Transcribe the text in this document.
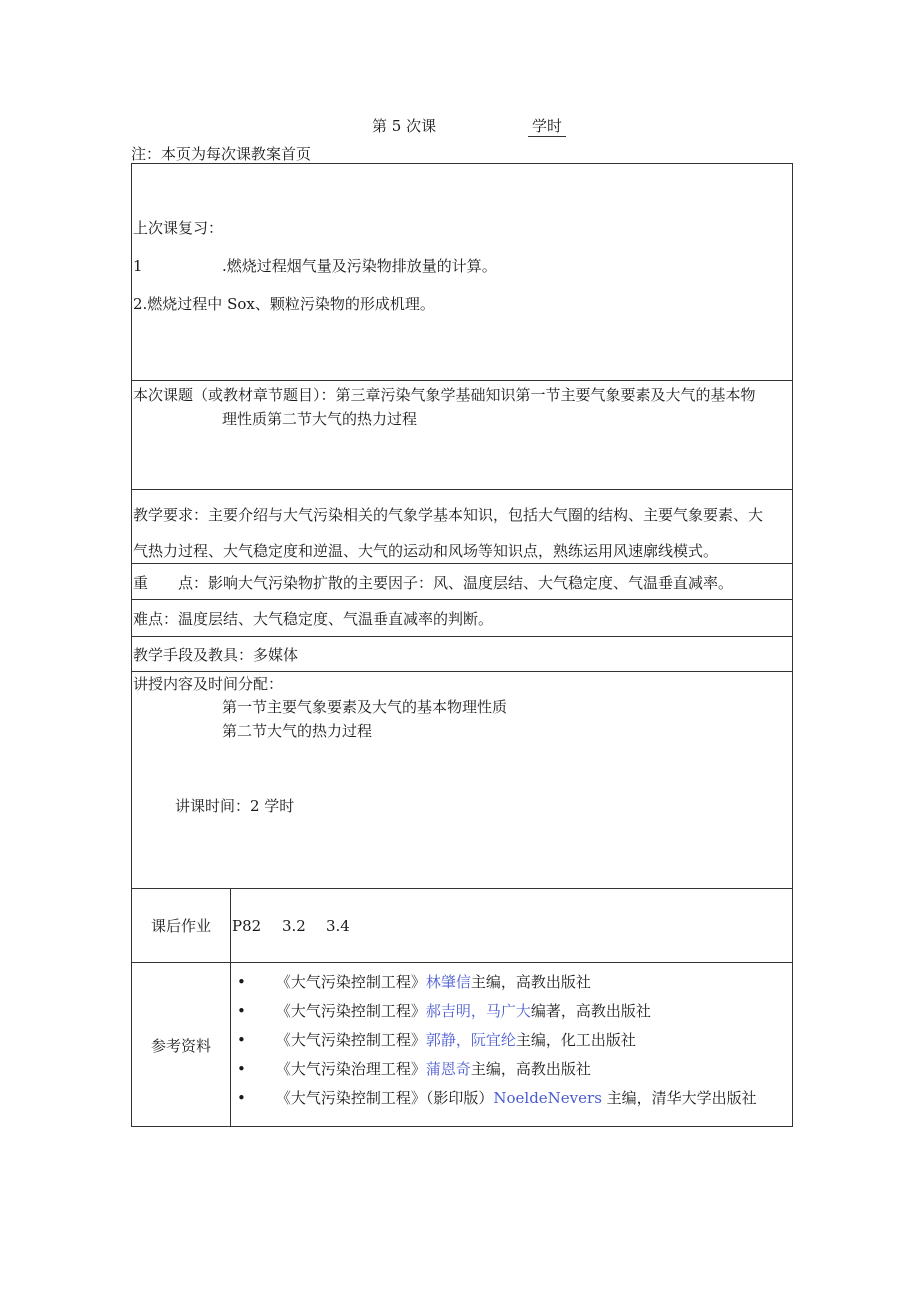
第 5 次课	学时
注：本页为每次课教案首页
上次课复习：
1	.燃烧过程烟气量及污染物排放量的计算。
2.燃烧过程中 Sox、颗粒污染物的形成机理。
本次课题（或教材章节题目）：第三章污染气象学基础知识第一节主要气象要素及大气的基本物
理性质第二节大气的热力过程
教学要求：主要介绍与大气污染相关的气象学基本知识，包括大气圈的结构、主要气象要素、大
气热力过程、大气稳定度和逆温、大气的运动和风场等知识点，熟练运用风速廓线模式。
重　　点：影响大气污染物扩散的主要因子：风、温度层结、大气稳定度、气温垂直减率。
难点：温度层结、大气稳定度、气温垂直减率的判断。
教学手段及教具：多媒体
讲授内容及时间分配：
第一节主要气象要素及大气的基本物理性质
第二节大气的热力过程
讲课时间：2 学时
课后作业 P82 3.2 3.4
参考资料
• 《大气污染控制工程》林肇信主编，高教出版社
• 《大气污染控制工程》郝吉明，马广大编著，高教出版社
• 《大气污染控制工程》郭静，阮宜纶主编，化工出版社
• 《大气污染治理工程》蒲恩奇主编，高教出版社
• 《大气污染控制工程》（影印版）NoeldeNevers 主编，清华大学出版社
